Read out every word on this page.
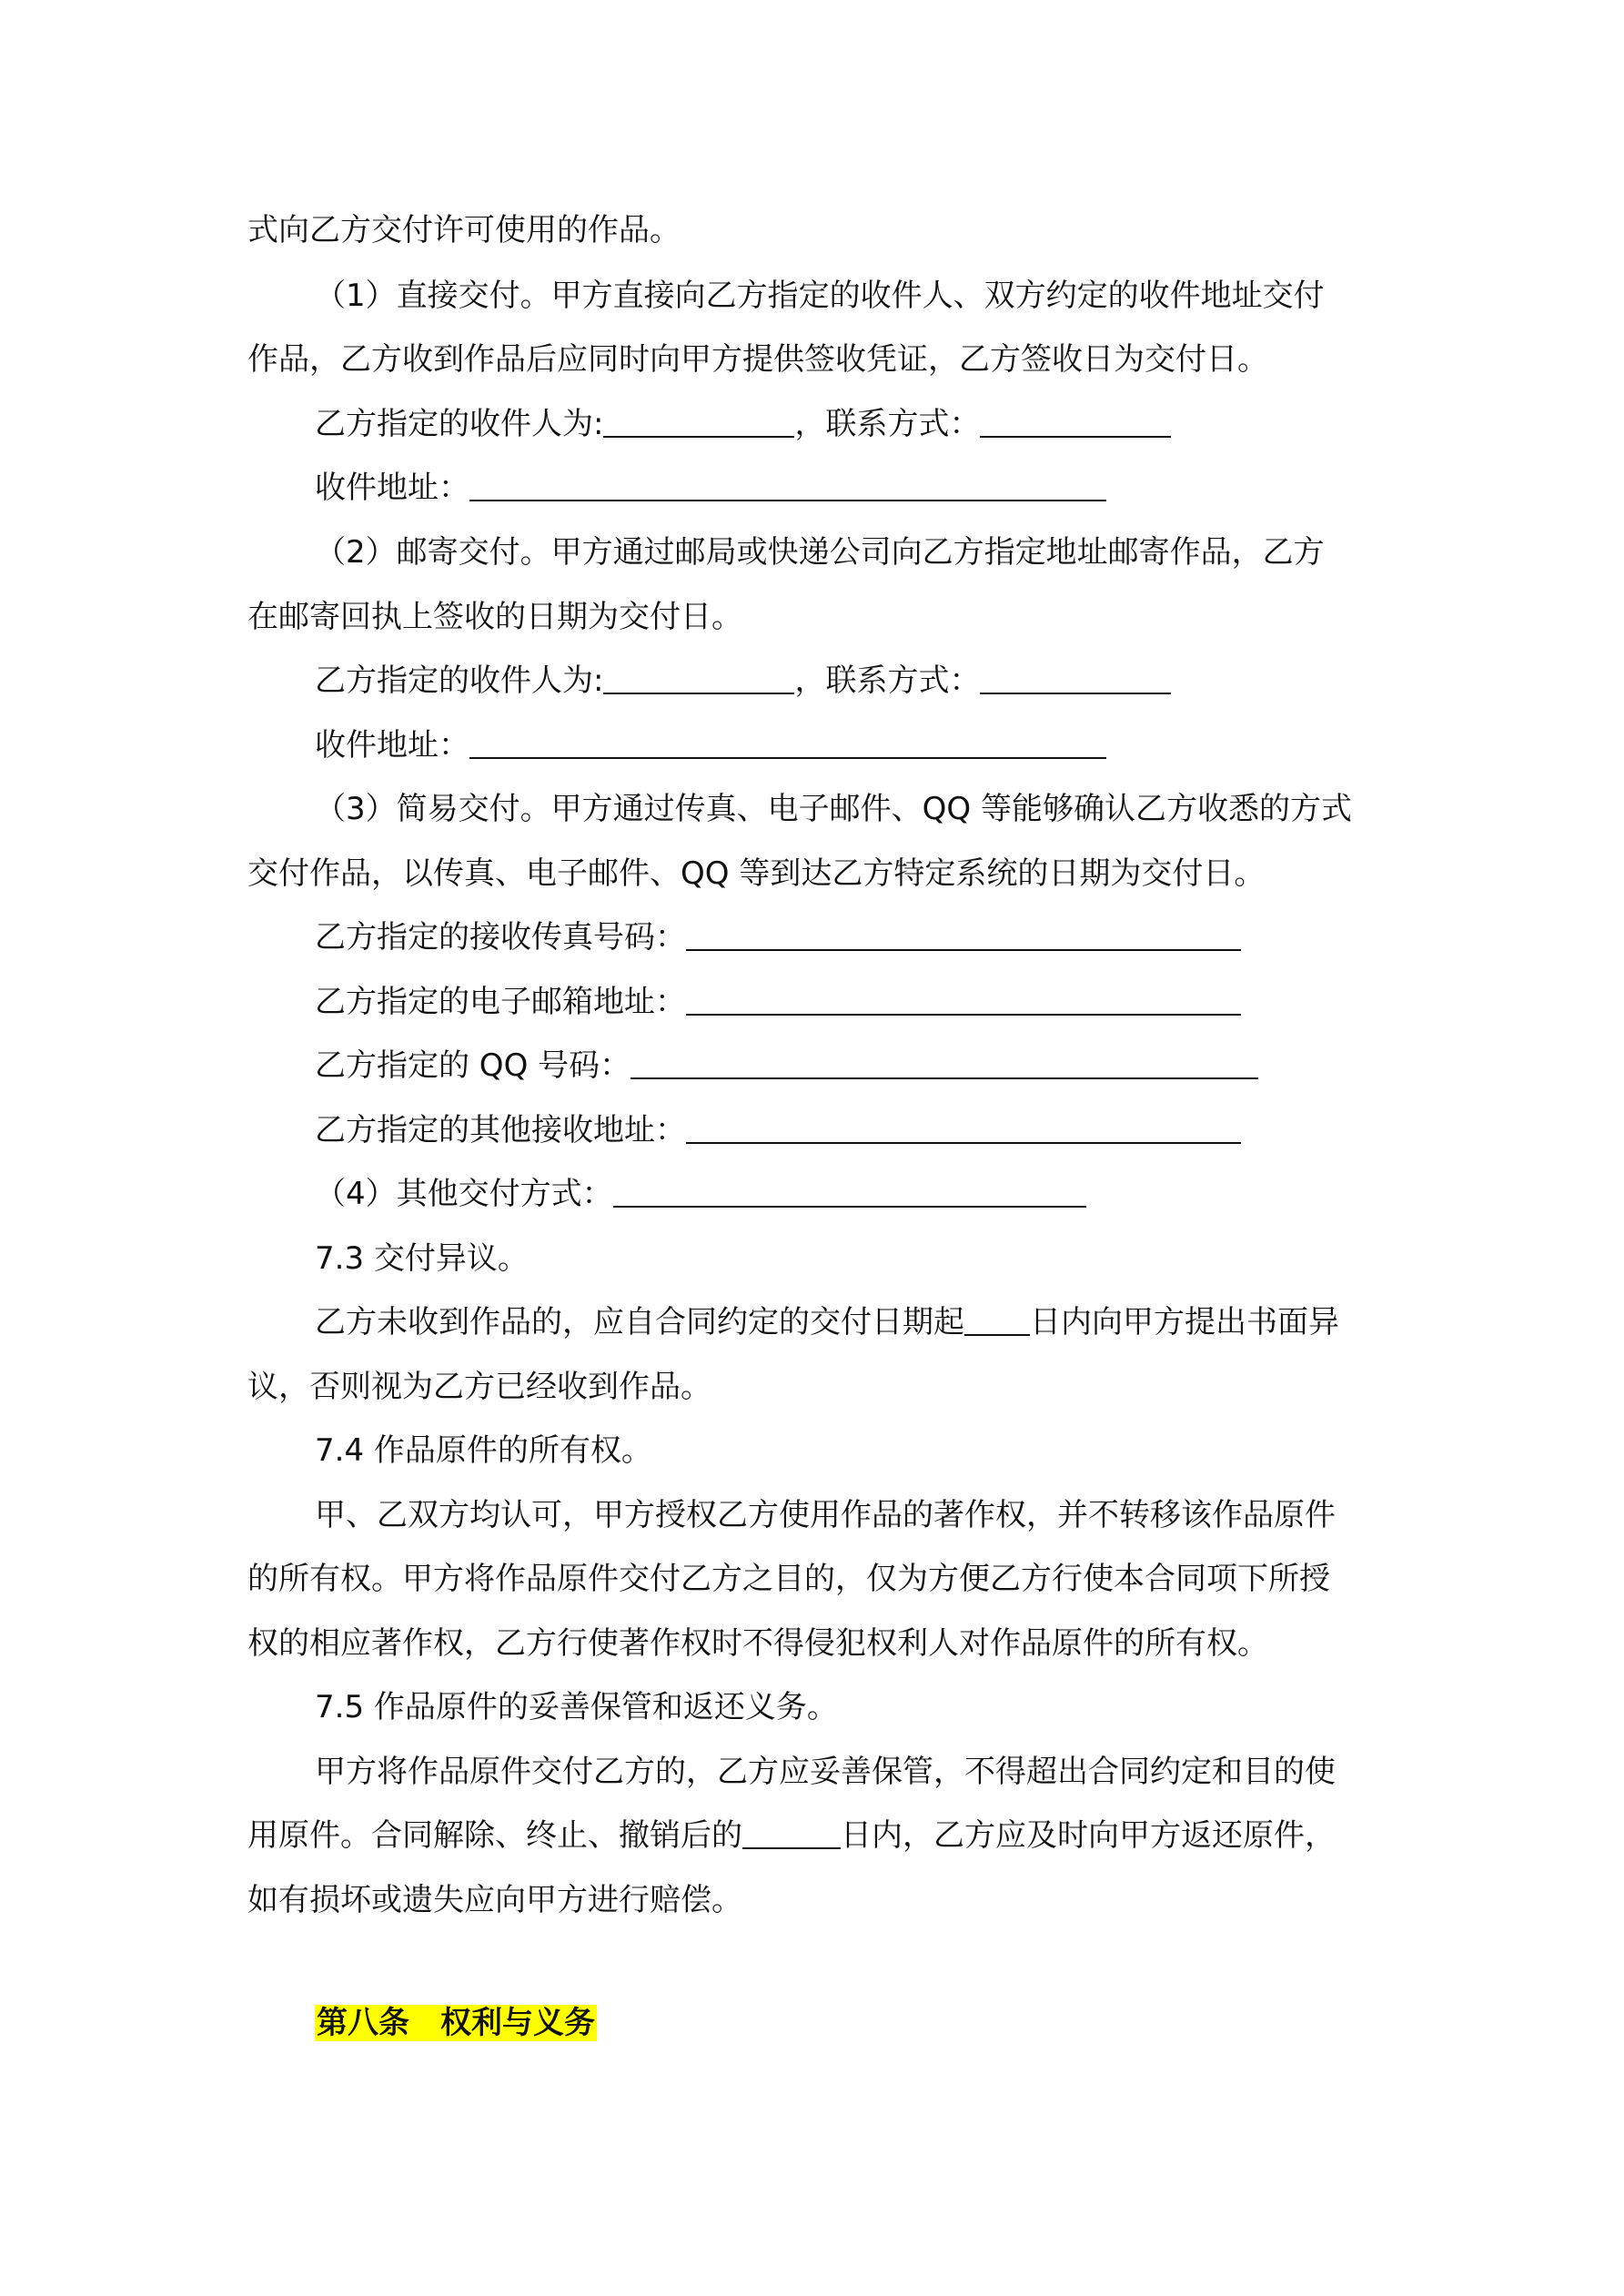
式向乙方交付许可使用的作品。
（1）直接交付。甲方直接向乙方指定的收件人、双方约定的收件地址交付
作品，乙方收到作品后应同时向甲方提供签收凭证，乙方签收日为交付日。
乙方指定的收件人为:	，联系方式：
收件地址：
（2）邮寄交付。甲方通过邮局或快递公司向乙方指定地址邮寄作品，乙方
在邮寄回执上签收的日期为交付日。
乙方指定的收件人为:	，联系方式：
收件地址：
（3）简易交付。甲方通过传真、电子邮件、QQ 等能够确认乙方收悉的方式
交付作品，以传真、电子邮件、QQ 等到达乙方特定系统的日期为交付日。
乙方指定的接收传真号码：
乙方指定的电子邮箱地址：
乙方指定的 QQ 号码：
乙方指定的其他接收地址：
（4）其他交付方式：
7.3 交付异议。
乙方未收到作品的，应自合同约定的交付日期起 日内向甲方提出书面异
议，否则视为乙方已经收到作品。
7.4 作品原件的所有权。
甲、乙双方均认可，甲方授权乙方使用作品的著作权，并不转移该作品原件
的所有权。甲方将作品原件交付乙方之目的，仅为方便乙方行使本合同项下所授
权的相应著作权，乙方行使著作权时不得侵犯权利人对作品原件的所有权。
7.5 作品原件的妥善保管和返还义务。
甲方将作品原件交付乙方的，乙方应妥善保管，不得超出合同约定和目的使
用原件。合同解除、终止、撤销后的	日内，乙方应及时向甲方返还原件，
如有损坏或遗失应向甲方进行赔偿。
第八条　权利与义务
